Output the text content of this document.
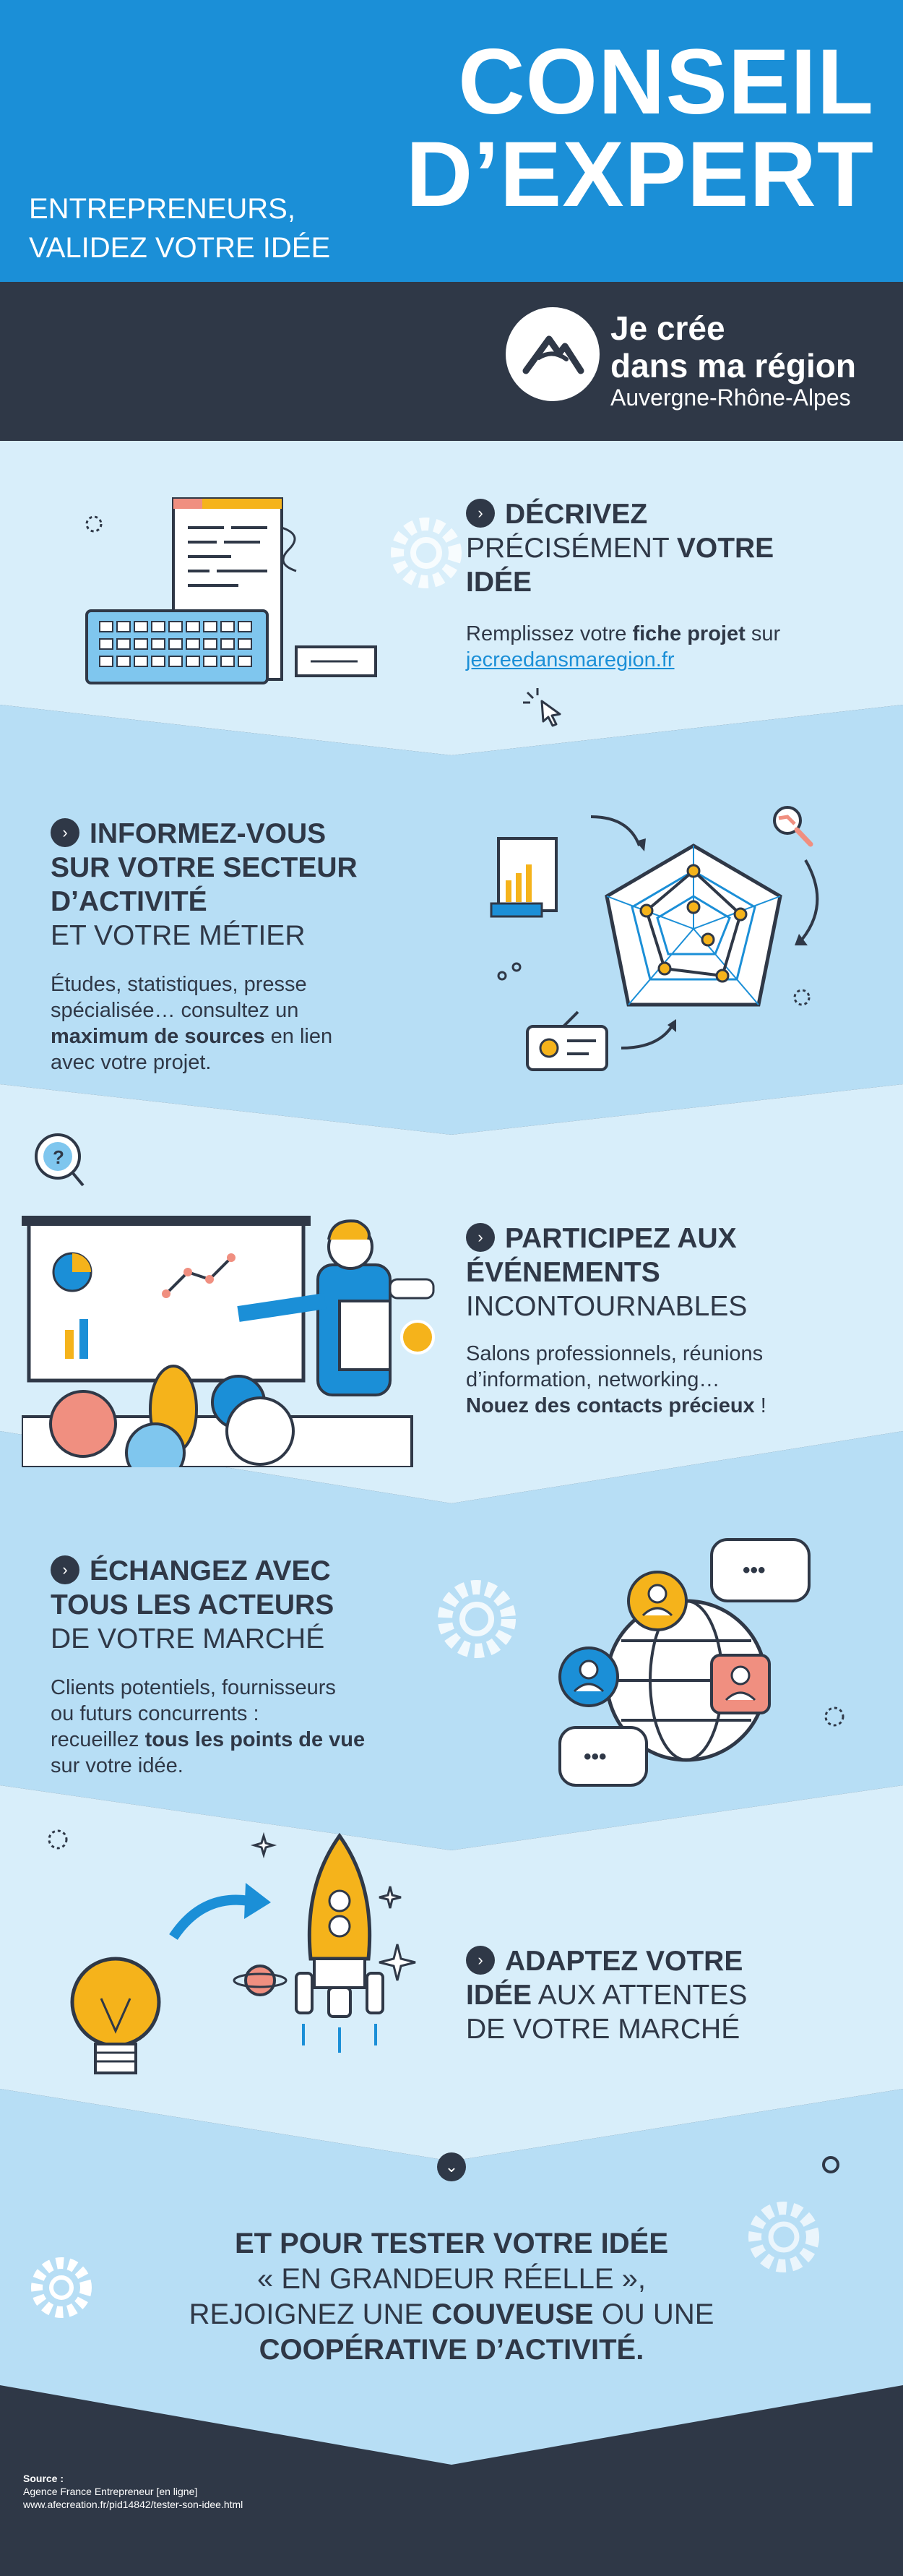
CONSEIL
D’EXPERT
ENTREPRENEURS,
VALIDEZ VOTRE IDÉE
Je crée
dans ma région
Auvergne-Rhône-Alpes
› DÉCRIVEZ
PRÉCISÉMENT VOTRE
IDÉE
Remplissez votre fiche projet sur
jecreedansmaregion.fr
› INFORMEZ-VOUS
SUR VOTRE SECTEUR
D’ACTIVITÉ
ET VOTRE MÉTIER
Études, statistiques, presse
spécialisée… consultez un
maximum de sources en lien
avec votre projet.
?
› PARTICIPEZ AUX
ÉVÉNEMENTS
INCONTOURNABLES
Salons professionnels, réunions
d’information, networking…
Nouez des contacts précieux !
› ÉCHANGEZ AVEC
TOUS LES ACTEURS
DE VOTRE MARCHÉ
Clients potentiels, fournisseurs
ou futurs concurrents :
recueillez tous les points de vue
sur votre idée.
•••
•••
› ADAPTEZ VOTRE
IDÉE AUX ATTENTES
DE VOTRE MARCHÉ
⌄
ET POUR TESTER VOTRE IDÉE
« EN GRANDEUR RÉELLE »,
REJOIGNEZ UNE COUVEUSE OU UNE
COOPÉRATIVE D’ACTIVITÉ.
Source :
Agence France Entrepreneur [en ligne]
www.afecreation.fr/pid14842/tester-son-idee.html
